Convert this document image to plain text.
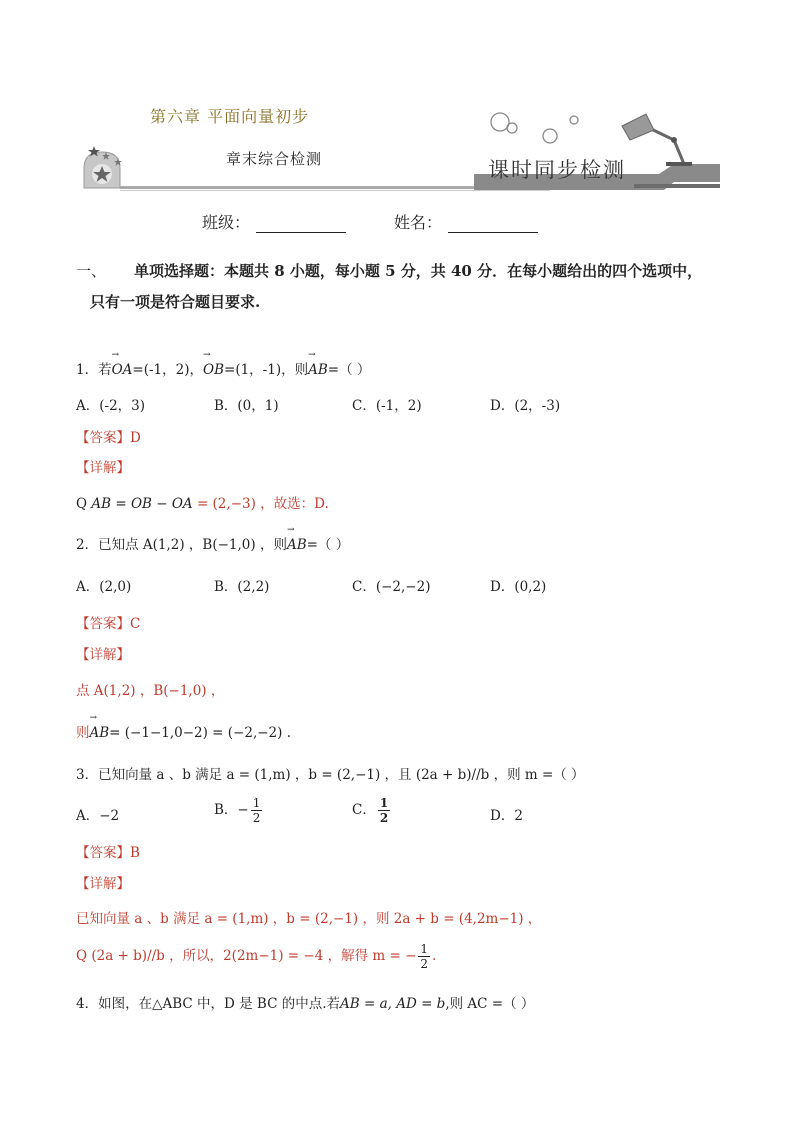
第六章 平面向量初步
章末综合检测	课时同步检测
班级：	姓名：
一、 单项选择题：本题共 8 小题，每小题 5 分，共 40 分．在每小题给出的四个选项中，
只有一项是符合题目要求.
1．若→ OA=(-1，2)，→ OB=(1，-1)，则→ AB=（ ）
A．(-2，3)	B．(0，1)	C．(-1，2)	D．(2，-3)
【答案】D
【详解】
Q AB = OB − OA = (2,−3) ，故选：D.
2．已知点 A(1,2) ，B(−1,0) ，则→ AB=（ ）
A．(2,0)	B．(2,2)	C．(−2,−2)	D．(0,2)
【答案】C
【详解】
点 A(1,2) ，B(−1,0) ，
则→ AB= (−1−1,0−2) = (−2,−2) .
3．已知向量 a 、b 满足 a = (1,m) ，b = (2,−1) ，且 (2a + b)//b ，则 m =（ ）
A．−2	B．− $\frac{1}{2}$	C． $\frac{1}{2}$	D．2
【答案】B
【详解】
已知向量 a 、b 满足 a = (1,m) ，b = (2,−1) ，则 2a + b = (4,2m−1) ，
Q (2a + b)//b ，所以，2(2m−1) = −4 ，解得 m = − $\frac{1}{2}$ .
4．如图，在△ABC 中，D 是 BC 的中点.若AB = a, AD = b,则 AC =（ ）
